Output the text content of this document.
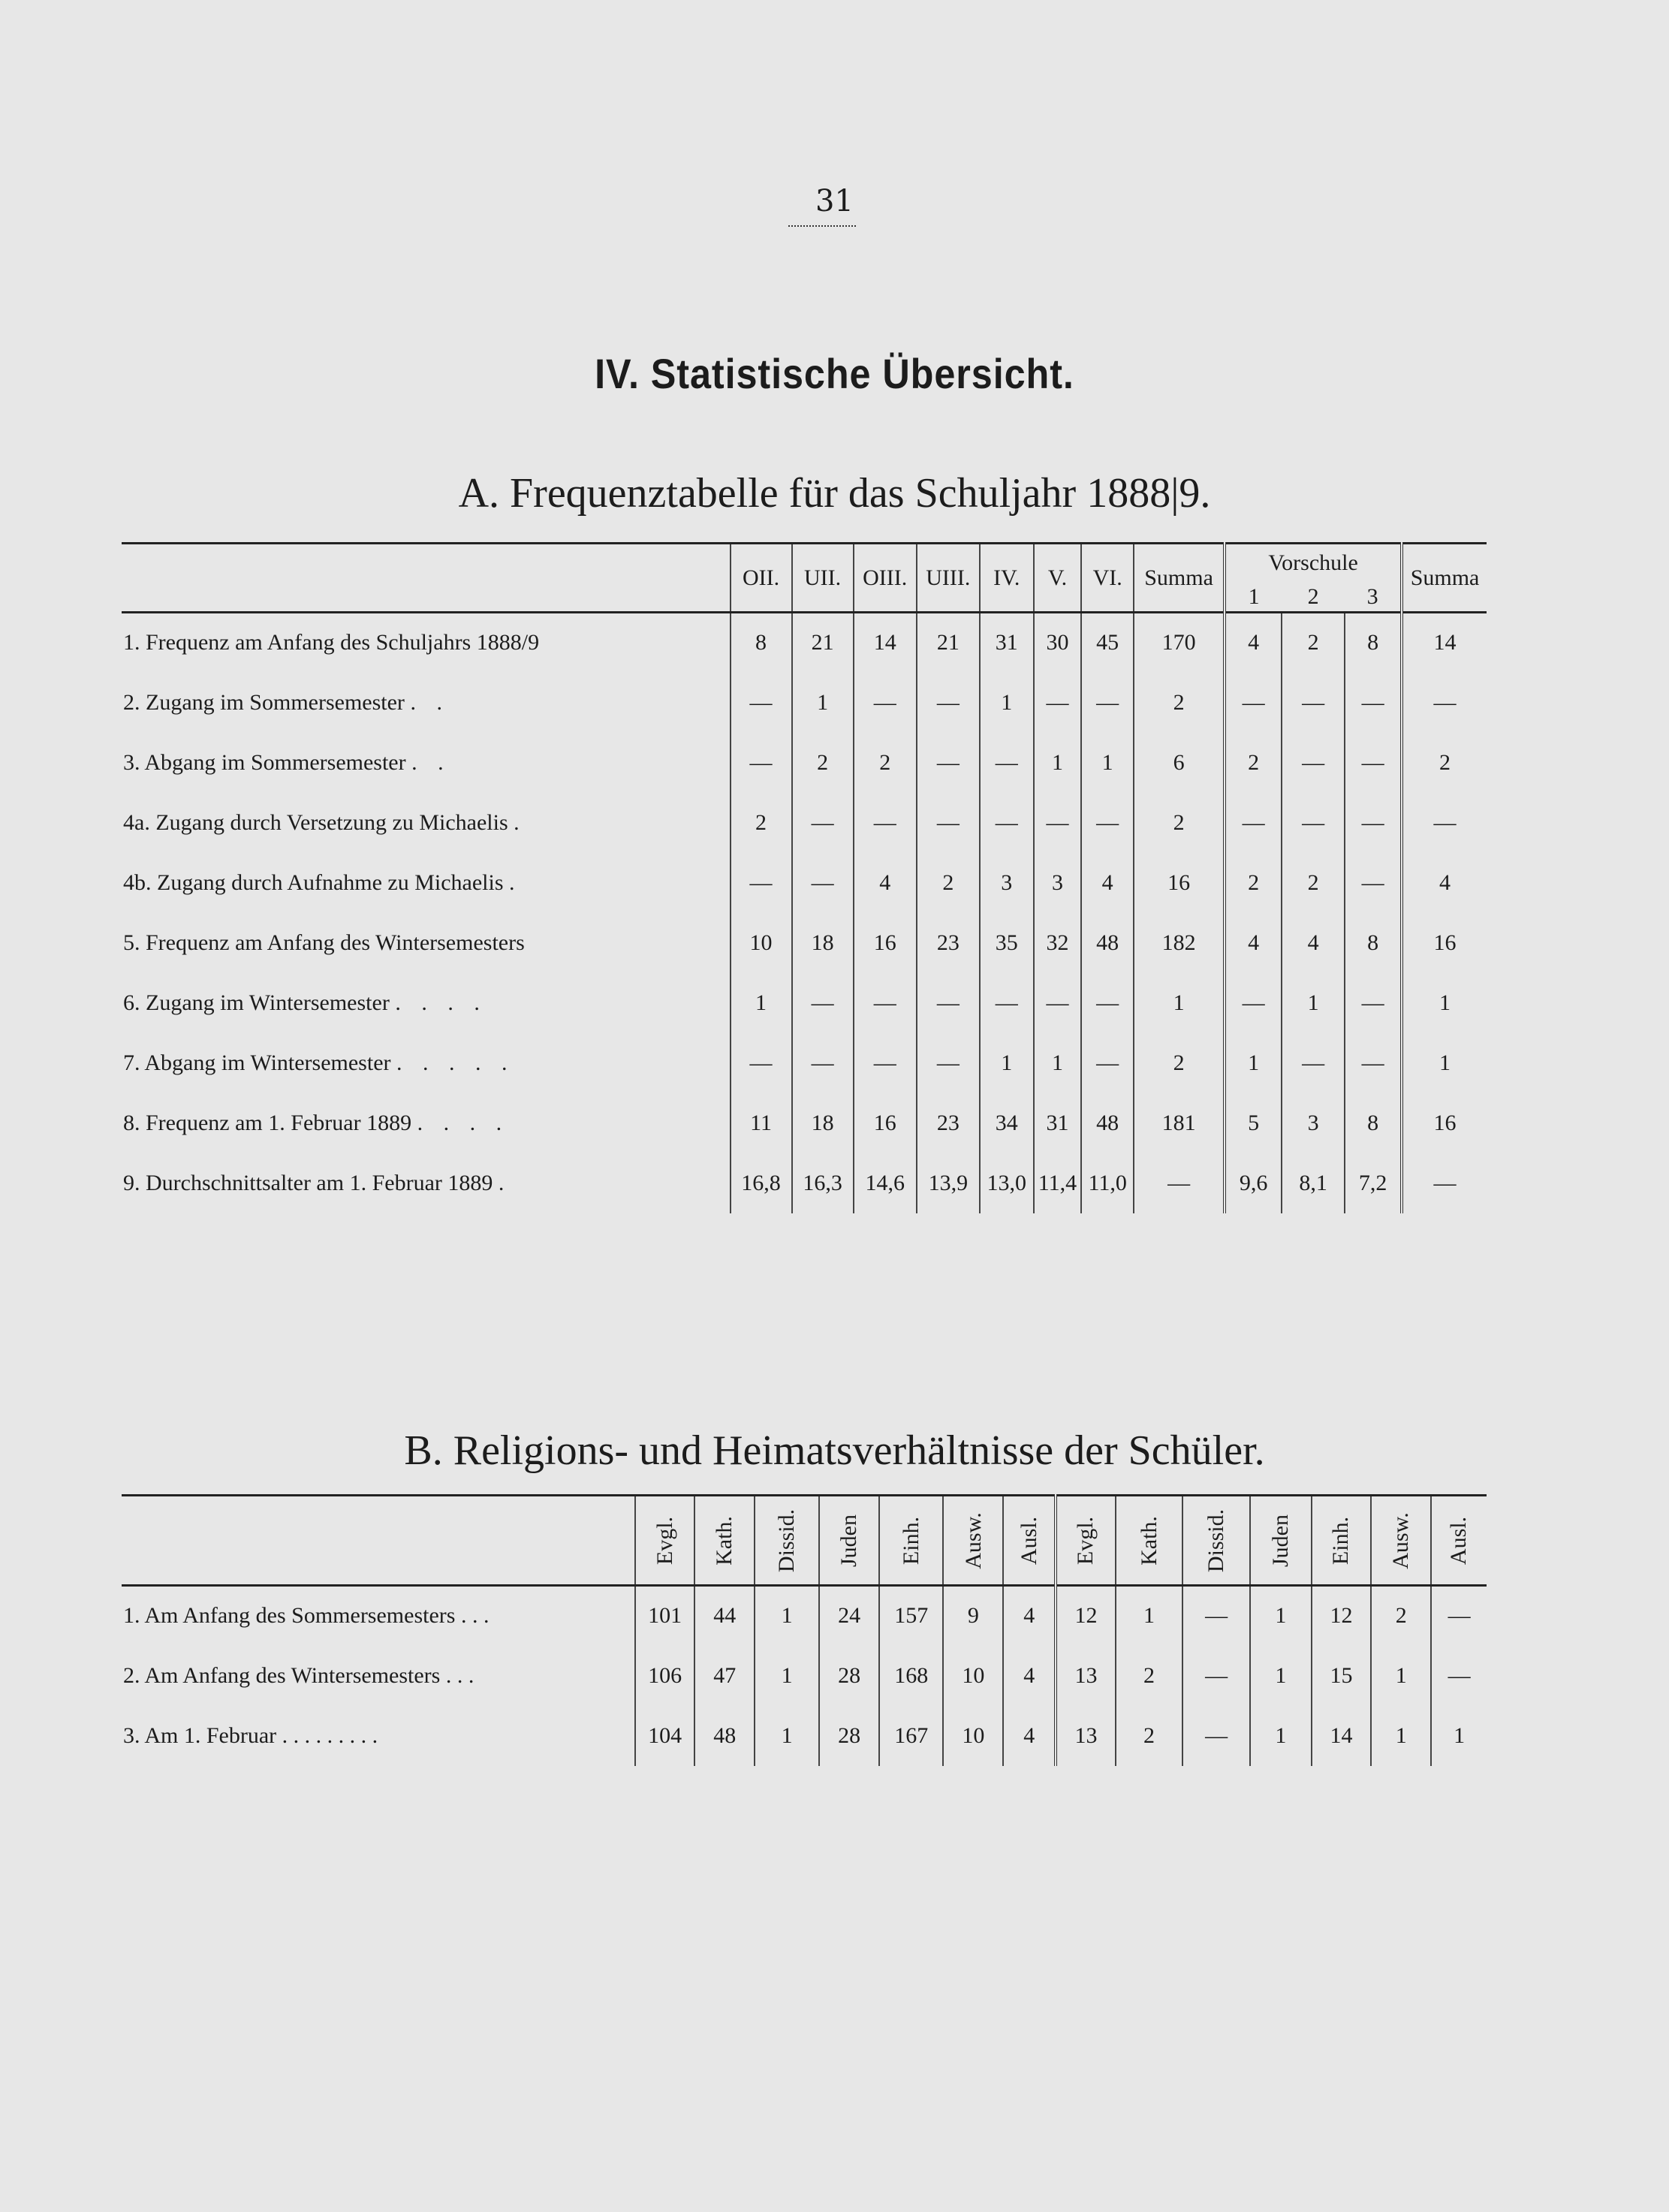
31
IV. Statistische Übersicht.
A. Frequenztabelle für das Schuljahr 1888|9.
	OII.	UII.	OIII.	UIII.	IV.	V.	VI.	Summa	Vorschule			Summa
									1	2	3	
1. Frequenz am Anfang des Schuljahrs 1888/9	8	21	14	21	31	30	45	170	4	2	8	14
2. Zugang im Sommersemester . .	—	1	—	—	1	—	—	2	—	—	—	—
3. Abgang im Sommersemester . .	—	2	2	—	—	1	1	6	2	—	—	2
4a. Zugang durch Versetzung zu Michaelis .	2	—	—	—	—	—	—	2	—	—	—	—
4b. Zugang durch Aufnahme zu Michaelis .	—	—	4	2	3	3	4	16	2	2	—	4
5. Frequenz am Anfang des Wintersemesters	10	18	16	23	35	32	48	182	4	4	8	16
6. Zugang im Wintersemester . . . .	1	—	—	—	—	—	—	1	—	1	—	1
7. Abgang im Wintersemester . . . . .	—	—	—	—	1	1	—	2	1	—	—	1
8. Frequenz am 1. Februar 1889 . . . .	11	18	16	23	34	31	48	181	5	3	8	16
9. Durchschnittsalter am 1. Februar 1889 .	16,8	16,3	14,6	13,9	13,0	11,4	11,0	—	9,6	8,1	7,2	—
B. Religions- und Heimatsverhältnisse der Schüler.
	Evgl.	Kath.	Dissid.	Juden	Einh.	Ausw.	Ausl.	Evgl.	Kath.	Dissid.	Juden	Einh.	Ausw.	Ausl.
1. Am Anfang des Sommersemesters . . .	101	44	1	24	157	9	4	12	1	—	1	12	2	—
2. Am Anfang des Wintersemesters . . .	106	47	1	28	168	10	4	13	2	—	1	15	1	—
3. Am 1. Februar . . . . . . . . .	104	48	1	28	167	10	4	13	2	—	1	14	1	1
